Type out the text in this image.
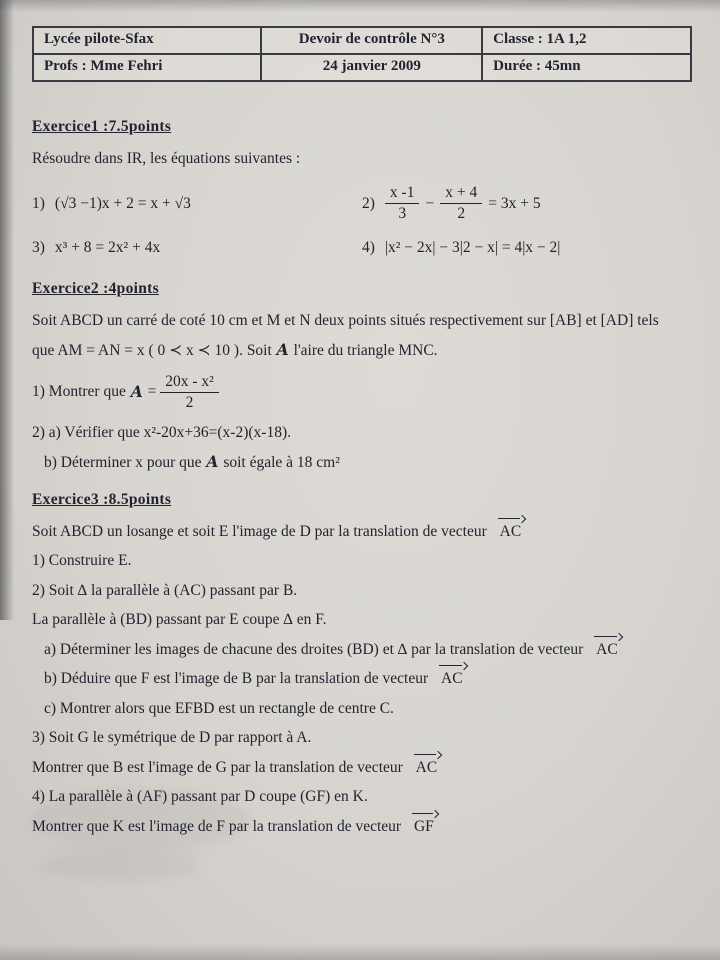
Lycée pilote-Sfax	Devoir de contrôle N°3	Classe : 1A 1,2
Profs : Mme Fehri	24 janvier 2009	Durée : 45mn
Exercice1 :7.5points
Résoudre dans IR, les équations suivantes :
1) (√3 −1)x + 2 = x + √3	$2) \frac{x -1}{3} - \frac{x + 4}{2} = 3x + 5$
3) x³ + 8 = 2x² + 4x	4) |x² − 2x| − 3|2 − x| = 4|x − 2|
Exercice2 :4points
Soit ABCD un carré de coté 10 cm et M et N deux points situés respectivement sur [AB] et [AD] tels
que AM = AN = x ( 0 ≺ x ≺ 10 ). Soit A l'aire du triangle MNC.
1) Montrer que
A
=
$\frac{\text{20x - x²}}{2}$
2) a) Vérifier que x²-20x+36=(x-2)(x-18).
b) Déterminer x pour que A soit égale à 18 cm²
Exercice3 :8.5points
Soit ABCD un losange et soit E l'image de D par la translation de vecteur AC
1) Construire E.
2) Soit ∆ la parallèle à (AC) passant par B.
La parallèle à (BD) passant par E coupe ∆ en F.
a) Déterminer les images de chacune des droites (BD) et ∆ par la translation de vecteur AC
b) Déduire que F est l'image de B par la translation de vecteur AC
c) Montrer alors que EFBD est un rectangle de centre C.
3) Soit G le symétrique de D par rapport à A.
Montrer que B est l'image de G par la translation de vecteur AC
4) La parallèle à (AF) passant par D coupe (GF) en K.
Montrer que K est l'image de F par la translation de vecteur GF
